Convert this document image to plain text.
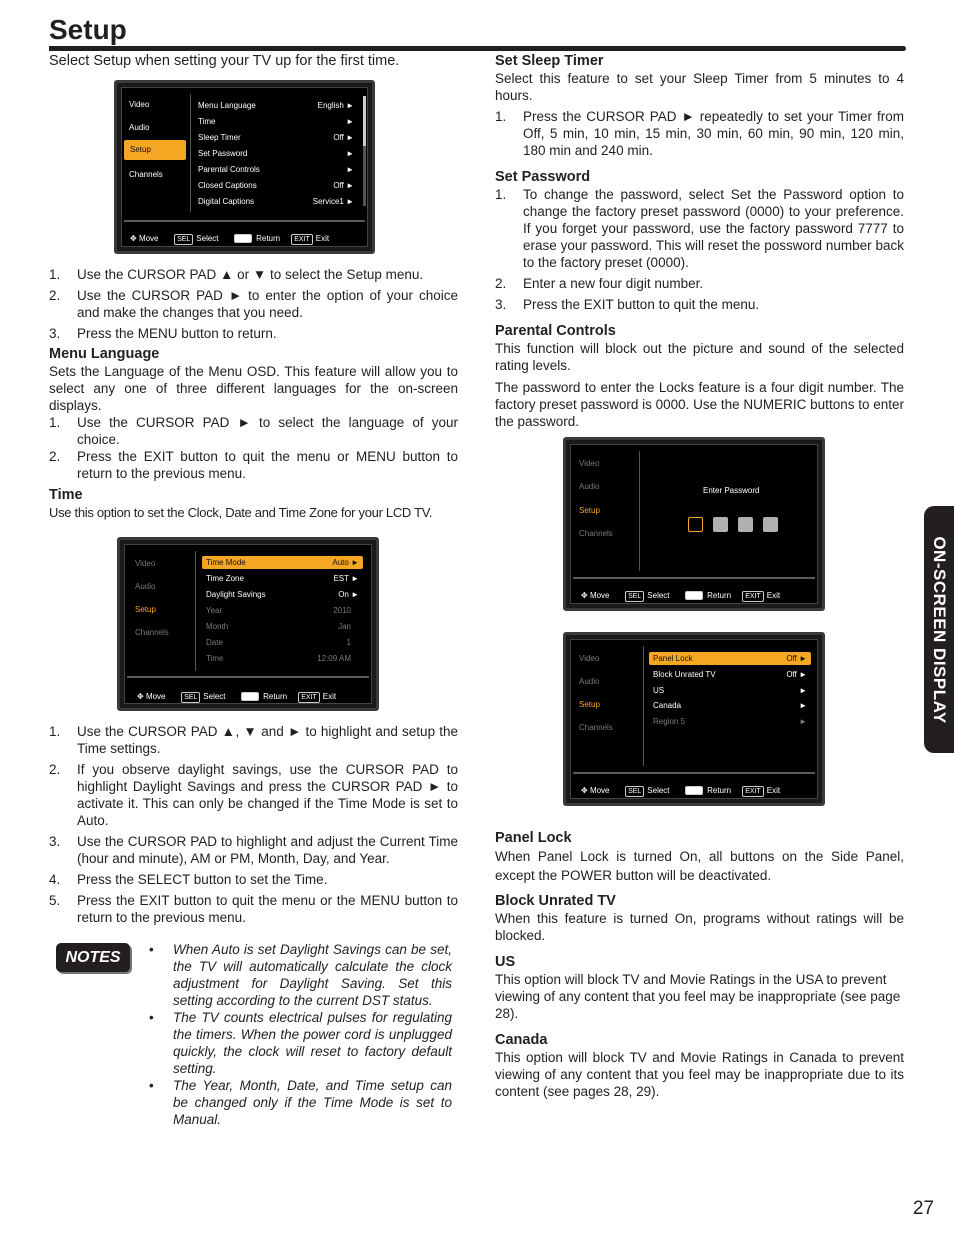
Setup
Select Setup when setting your TV up for the first time.
Video
Audio
Setup
Channels
Menu Language	English ►
Time	►
Sleep Timer	Off ►
Set Password	►
Parental Controls	►
Closed Captions	Off ►
Digital Captions	Service1 ►
✥ Move	SEL Select	Return EXIT Exit
1. Use the CURSOR PAD ▲ or ▼ to select the Setup menu.
2. Use the CURSOR PAD ► to enter the option of your choice and make the changes that you need.
3. Press the MENU button to return.
Menu Language
Sets the Language of the Menu OSD. This feature will allow you to select any one of three different languages for the on-screen displays.
1. Use the CURSOR PAD ► to select the language of your choice.
2. Press the EXIT button to quit the menu or MENU button to return to the previous menu.
Time
Use this option to set the Clock, Date and Time Zone for your LCD TV.
Video
Audio
Setup
Channels
Time Mode	Auto ►
Time Zone	EST ►
Daylight Savings	On ►
Year	2010
Month	Jan
Date	1
Time	12:09 AM
✥ Move	SEL Select	Return EXIT Exit
1. Use the CURSOR PAD ▲, ▼ and ► to highlight and setup the Time settings.
2. If you observe daylight savings, use the CURSOR PAD to highlight Daylight Savings and press the CURSOR PAD ► to activate it. This can only be changed if the Time Mode is set to Auto.
3. Use the CURSOR PAD to highlight and adjust the Current Time (hour and minute), AM or PM, Month, Day, and Year.
4. Press the SELECT button to set the Time.
5. Press the EXIT button to quit the menu or the MENU button to return to the previous menu.
NOTES	• When Auto is set Daylight Savings can be set, the TV will automatically calculate the clock adjustment for Daylight Saving. Set this setting according to the current DST status.
• The TV counts electrical pulses for regulating the timers. When the power cord is unplugged quickly, the clock will reset to factory default setting.
• The Year, Month, Date, and Time setup can be changed only if the Time Mode is set to Manual.
Set Sleep Timer
Select this feature to set your Sleep Timer from 5 minutes to 4 hours.
1. Press the CURSOR PAD ► repeatedly to set your Timer from Off, 5 min, 10 min, 15 min, 30 min, 60 min, 90 min, 120 min, 180 min and 240 min.
Set Password
1. To change the password, select Set the Password option to change the factory preset password (0000) to your preference. If you forget your password, use the factory password 7777 to erase your password. This will reset the possword number back to the factory preset (0000).
2. Enter a new four digit number.
3. Press the EXIT button to quit the menu.
Parental Controls
This function will block out the picture and sound of the selected rating levels.
The password to enter the Locks feature is a four digit number. The factory preset password is 0000. Use the NUMERIC buttons to enter the password.
Video
Audio
Setup
Channels
Enter Password
✥ Move	SEL Select	Return EXIT Exit
Video
Audio
Setup
Channels
Panel Lock	Off ►
Block Unrated TV	Off ►
US	►
Canada	►
Region 5	►
✥ Move	SEL Select	Return EXIT Exit
Panel Lock
When Panel Lock is turned On, all buttons on the Side Panel, except the POWER button will be deactivated.
Block Unrated TV
When this feature is turned On, programs without ratings will be blocked.
US
This option will block TV and Movie Ratings in the USA to prevent viewing of any content that you feel may be inappropriate (see page 28).
Canada
This option will block TV and Movie Ratings in Canada to prevent viewing of any content that you feel may be inappropriate due to its content (see pages 28, 29).
ON-SCREEN DISPLAY
27
